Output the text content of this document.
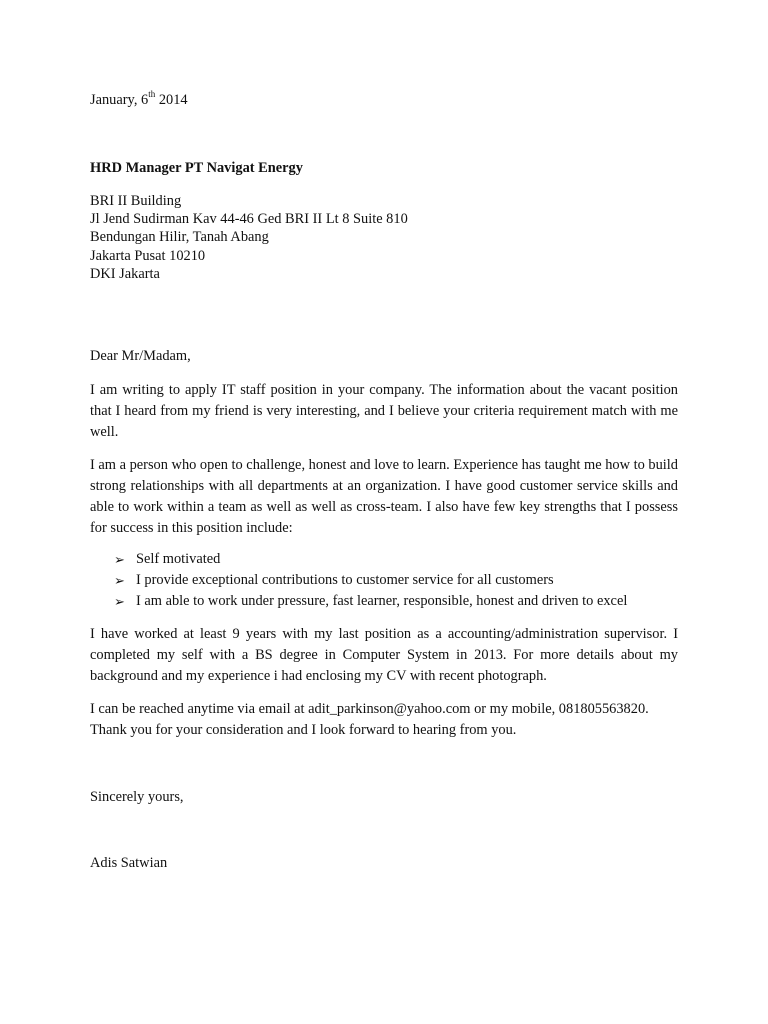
January, 6th 2014
HRD Manager PT Navigat Energy
BRI II Building
Jl Jend Sudirman Kav 44-46 Ged BRI II Lt 8 Suite 810
Bendungan Hilir, Tanah Abang
Jakarta Pusat 10210
DKI Jakarta
Dear Mr/Madam,

I am writing to apply IT staff position in your company. The information about the vacant position that I heard from my friend is very interesting, and I believe your criteria requirement match with me well.

I am a person who open to challenge, honest and love to learn. Experience has taught me how to build strong relationships with all departments at an organization. I have good customer service skills and able to work within a team as well as well as cross-team. I also have few key strengths that I possess for success in this position include:

➢ Self motivated
➢ I provide exceptional contributions to customer service for all customers
➢ I am able to work under pressure, fast learner, responsible, honest and driven to excel

I have worked at least 9 years with my last position as a accounting/administration supervisor. I completed my self with a BS degree in Computer System in 2013. For more details about my background and my experience i had enclosing my CV with recent photograph.

I can be reached anytime via email at adit_parkinson@yahoo.com or my mobile, 081805563820.
Thank you for your consideration and I look forward to hearing from you.
Sincerely yours,
Adis Satwian
